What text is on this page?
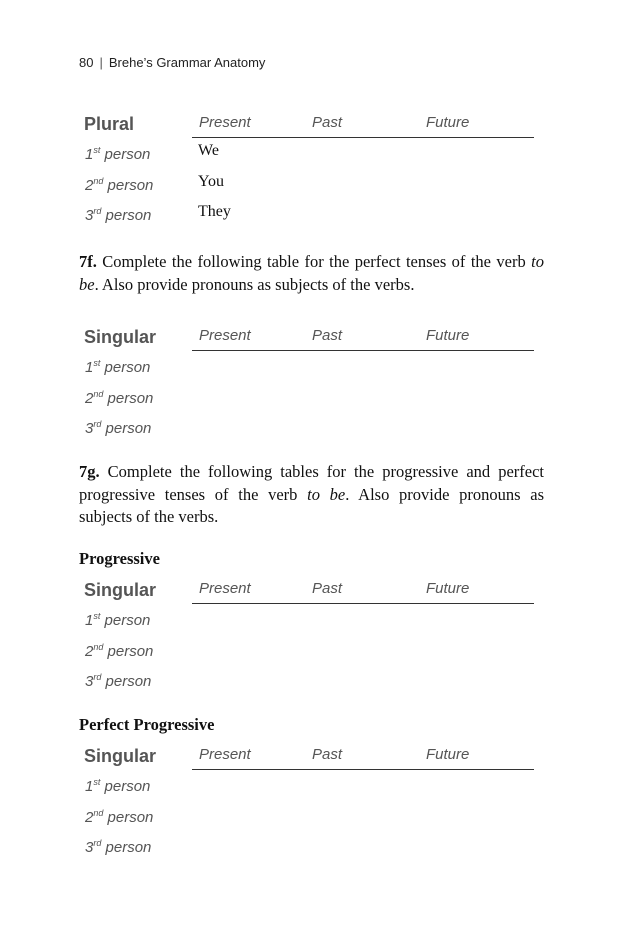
80 | Brehe’s Grammar Anatomy
Plural	Present	Past	Future
1st person	We
2nd person	You
3rd person	They
7f. Complete the following table for the perfect tenses of the verb to be. Also provide pronouns as subjects of the verbs.
Singular	Present	Past	Future
1st person
2nd person
3rd person
7g. Complete the following tables for the progressive and perfect progressive tenses of the verb to be. Also provide pronouns as subjects of the verbs.
Progressive
Singular	Present	Past	Future
1st person
2nd person
3rd person
Perfect Progressive
Singular	Present	Past	Future
1st person
2nd person
3rd person
